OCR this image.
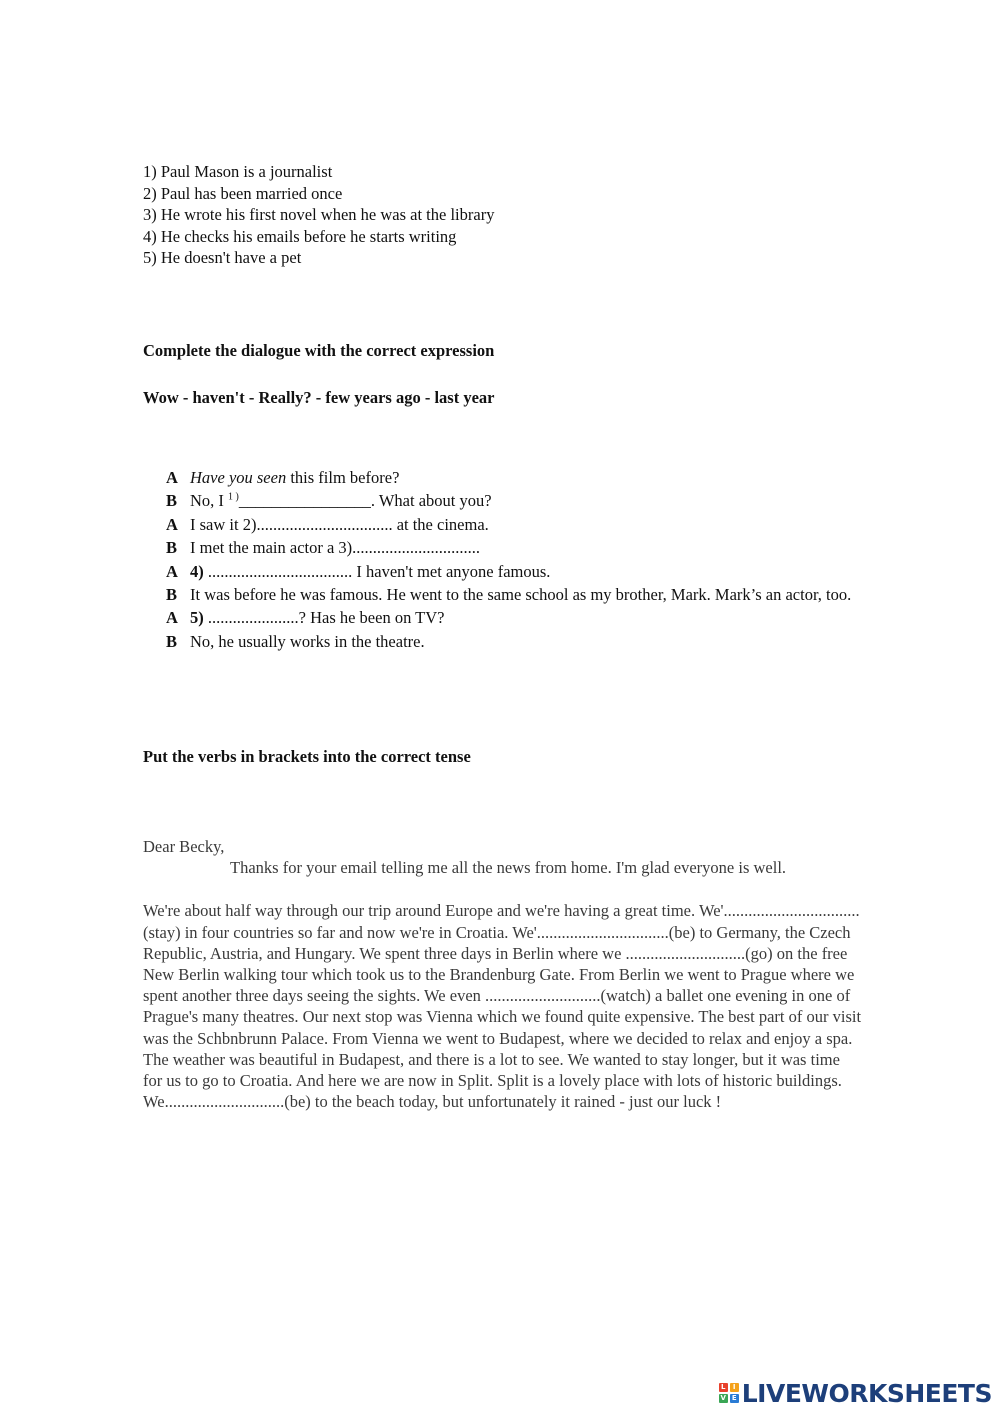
1) Paul Mason is a journalist
2) Paul has been married once
3) He wrote his first novel when he was at the library
4) He checks his emails before he starts writing
5) He doesn't have a pet
Complete the dialogue with the correct expression
Wow - haven't - Really? - few years ago - last year
A Have you seen this film before?
B No, I $^{1 )}$________________. What about you?
A I saw it 2)................................. at the cinema.
B I met the main actor a 3)...............................
A 4) ................................... I haven't met anyone famous.
B It was before he was famous. He went to the same school as my brother, Mark. Mark’s an actor, too.
A 5) ......................? Has he been on TV?
B No, he usually works in the theatre.
Put the verbs in brackets into the correct tense

Dear Becky,

Thanks for your email telling me all the news from home. I'm glad everyone is well.

We're about half way through our trip around Europe and we're having a great time. We'.................................(stay) in four countries so far and now we're in Croatia. We'................................(be) to Germany, the Czech Republic, Austria, and Hungary. We spent three days in Berlin where we .............................(go) on the free New Berlin walking tour which took us to the Brandenburg Gate. From Berlin we went to Prague where we spent another three days seeing the sights. We even ............................(watch) a ballet one evening in one of Prague's many theatres. Our next stop was Vienna which we found quite expensive. The best part of our visit was the Schbnbrunn Palace. From Vienna we went to Budapest, where we decided to relax and enjoy a spa. The weather was beautiful in Budapest, and there is a lot to see. We wanted to stay longer, but it was time for us to go to Croatia. And here we are now in Split. Split is a lovely place with lots of historic buildings. We.............................(be) to the beach today, but unfortunately it rained - just our luck !

L	I
V E LIVEWORKSHEETS
